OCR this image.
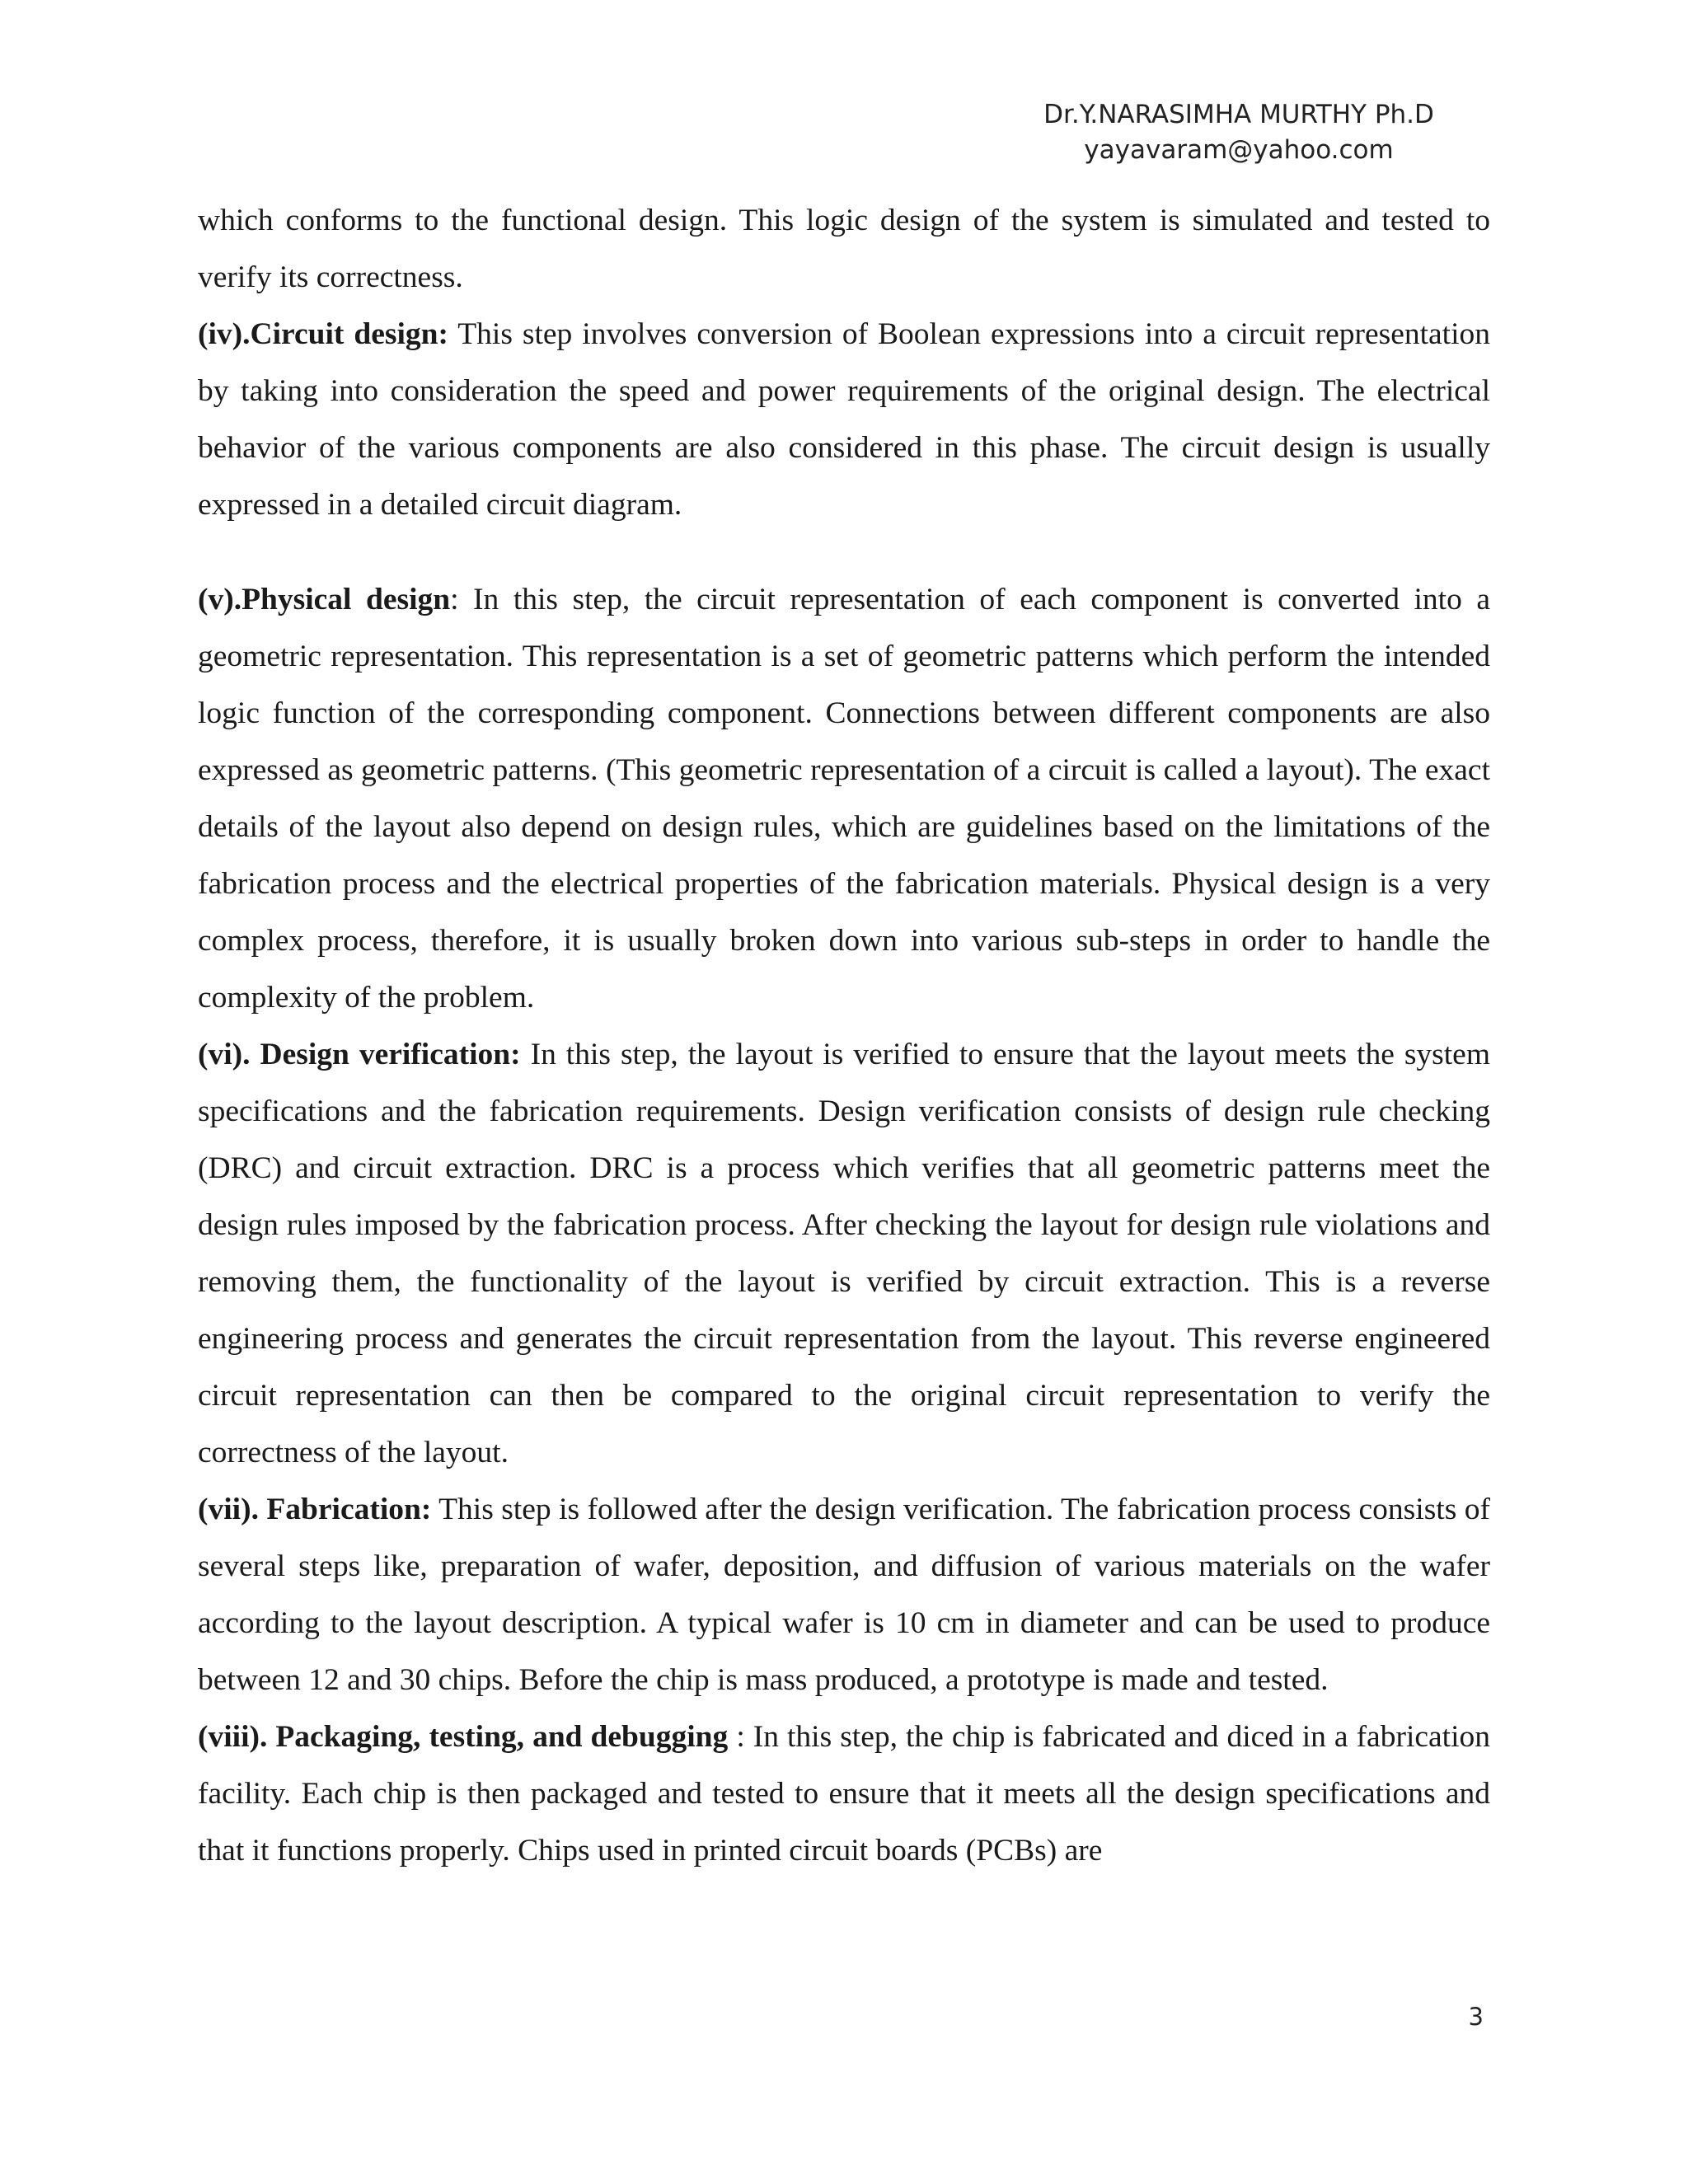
Dr.Y.NARASIMHA MURTHY Ph.D
yayavaram@yahoo.com

which conforms to the functional design. This logic design of the system is simulated and tested to verify its correctness.

(iv).Circuit design: This step involves conversion of Boolean expressions into a circuit representation by taking into consideration the speed and power requirements of the original design. The electrical behavior of the various components are also considered in this phase. The circuit design is usually expressed in a detailed circuit diagram.

(v).Physical design: In this step, the circuit representation of each component is converted into a geometric representation. This representation is a set of geometric patterns which perform the intended logic function of the corresponding component. Connections between different components are also expressed as geometric patterns. (This geometric representation of a circuit is called a layout). The exact details of the layout also depend on design rules, which are guidelines based on the limitations of the fabrication process and the electrical properties of the fabrication materials. Physical design is a very complex process, therefore, it is usually broken down into various sub-steps in order to handle the complexity of the problem.

(vi). Design verification: In this step, the layout is verified to ensure that the layout meets the system specifications and the fabrication requirements. Design verification consists of design rule checking (DRC) and circuit extraction. DRC is a process which verifies that all geometric patterns meet the design rules imposed by the fabrication process. After checking the layout for design rule violations and removing them, the functionality of the layout is verified by circuit extraction. This is a reverse engineering process and generates the circuit representation from the layout. This reverse engineered circuit representation can then be compared to the original circuit representation to verify the correctness of the layout.

(vii). Fabrication: This step is followed after the design verification. The fabrication process consists of several steps like, preparation of wafer, deposition, and diffusion of various materials on the wafer according to the layout description. A typical wafer is 10 cm in diameter and can be used to produce between 12 and 30 chips. Before the chip is mass produced, a prototype is made and tested.

(viii). Packaging, testing, and debugging : In this step, the chip is fabricated and diced in a fabrication facility. Each chip is then packaged and tested to ensure that it meets all the design specifications and that it functions properly. Chips used in printed circuit boards (PCBs) are

3
